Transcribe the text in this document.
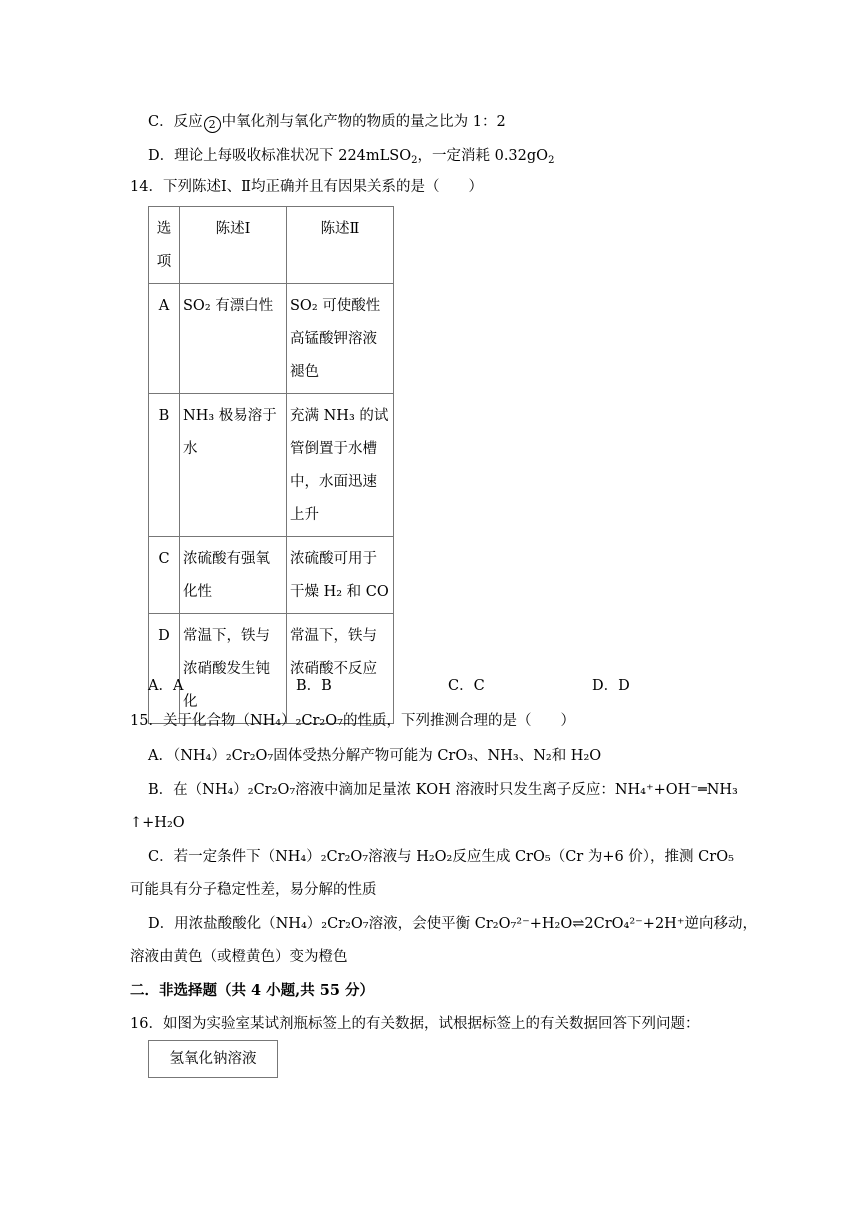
C．反应 2 中氧化剂与氧化产物的物质的量之比为 1：2
D．理论上每吸收标准状况下 224mLSO$_2$，一定消耗 $0.32gO_2$
14．下列陈述Ⅰ、Ⅱ均正确并且有因果关系的是（　　）
选
项	陈述Ⅰ	陈述Ⅱ
A	SO₂ 有漂白性	SO₂ 可使酸性高锰酸钾溶液褪色
B	NH₃ 极易溶于水	充满 NH₃ 的试管倒置于水槽中，水面迅速上升
C	浓硫酸有强氧化性	浓硫酸可用于干燥 H₂ 和 CO
D	常温下，铁与浓硝酸发生钝化	常温下，铁与浓硝酸不反应
A．A	B．B	C．C	D．D
15．关于化合物（NH₄）₂Cr₂O₇的性质，下列推测合理的是（　　）
A．（NH₄）₂Cr₂O₇固体受热分解产物可能为 CrO₃、NH₃、N₂和 H₂O
B．在（NH₄）₂Cr₂O₇溶液中滴加足量浓 KOH 溶液时只发生离子反应：NH₄⁺+OH⁻═NH₃
↑+H₂O
C．若一定条件下（NH₄）₂Cr₂O₇溶液与 H₂O₂反应生成 CrO₅（Cr 为+6 价），推测 CrO₅
可能具有分子稳定性差，易分解的性质
D．用浓盐酸酸化（NH₄）₂Cr₂O₇溶液，会使平衡 Cr₂O₇²⁻+H₂O⇌2CrO₄²⁻+2H⁺逆向移动，
溶液由黄色（或橙黄色）变为橙色
二．非选择题（共 4 小题,共 55 分）
16．如图为实验室某试剂瓶标签上的有关数据，试根据标签上的有关数据回答下列问题：
氢氧化钠溶液
